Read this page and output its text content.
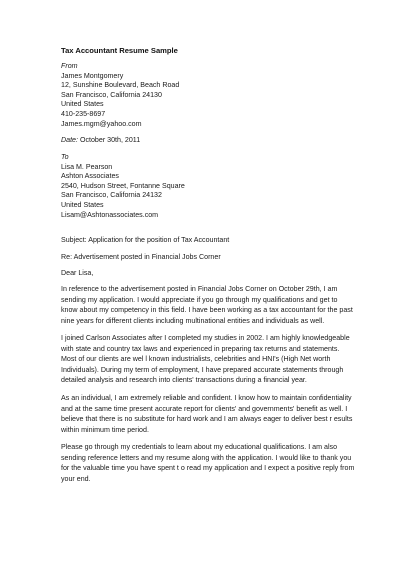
Tax Accountant Resume Sample
From
James Montgomery
12, Sunshine Boulevard, Beach Road
San Francisco, California 24130
United States
410-235-8697
James.mgm@yahoo.com
Date: October 30th, 2011
To
Lisa M. Pearson
Ashton Associates
2540, Hudson Street, Fontanne Square
San Francisco, California 24132
United States
Lisam@Ashtonassociates.com
Subject: Application for the position of Tax Accountant
Re: Advertisement posted in Financial Jobs Corner
Dear Lisa,
In reference to the advertisement posted in Financial Jobs Corner on October 29th, I am
sending my application. I would appreciate if you go through my qualifications and get to
know about my competency in this field. I have been working as a tax accountant for the past
nine years for different clients including multinational entities and individuals as well.
I joined Carlson Associates after I completed my studies in 2002. I am highly knowledgeable
with state and country tax laws and experienced in preparing tax returns and statements.
Most of our clients are wel l known industrialists, celebrities and HNI's (High Net worth
Individuals). During my term of employment, I have prepared accurate statements through
detailed analysis and research into clients' transactions during a financial year.
As an individual, I am extremely reliable and confident. I know how to maintain confidentiality
and at the same time present accurate report for clients' and governments' benefit as well. I
believe that there is no substitute for hard work and I am always eager to deliver best r esults
within minimum time period.
Please go through my credentials to learn about my educational qualifications. I am also
sending reference letters and my resume along with the application. I would like to thank you
for the valuable time you have spent t o read my application and I expect a positive reply from
your end.
